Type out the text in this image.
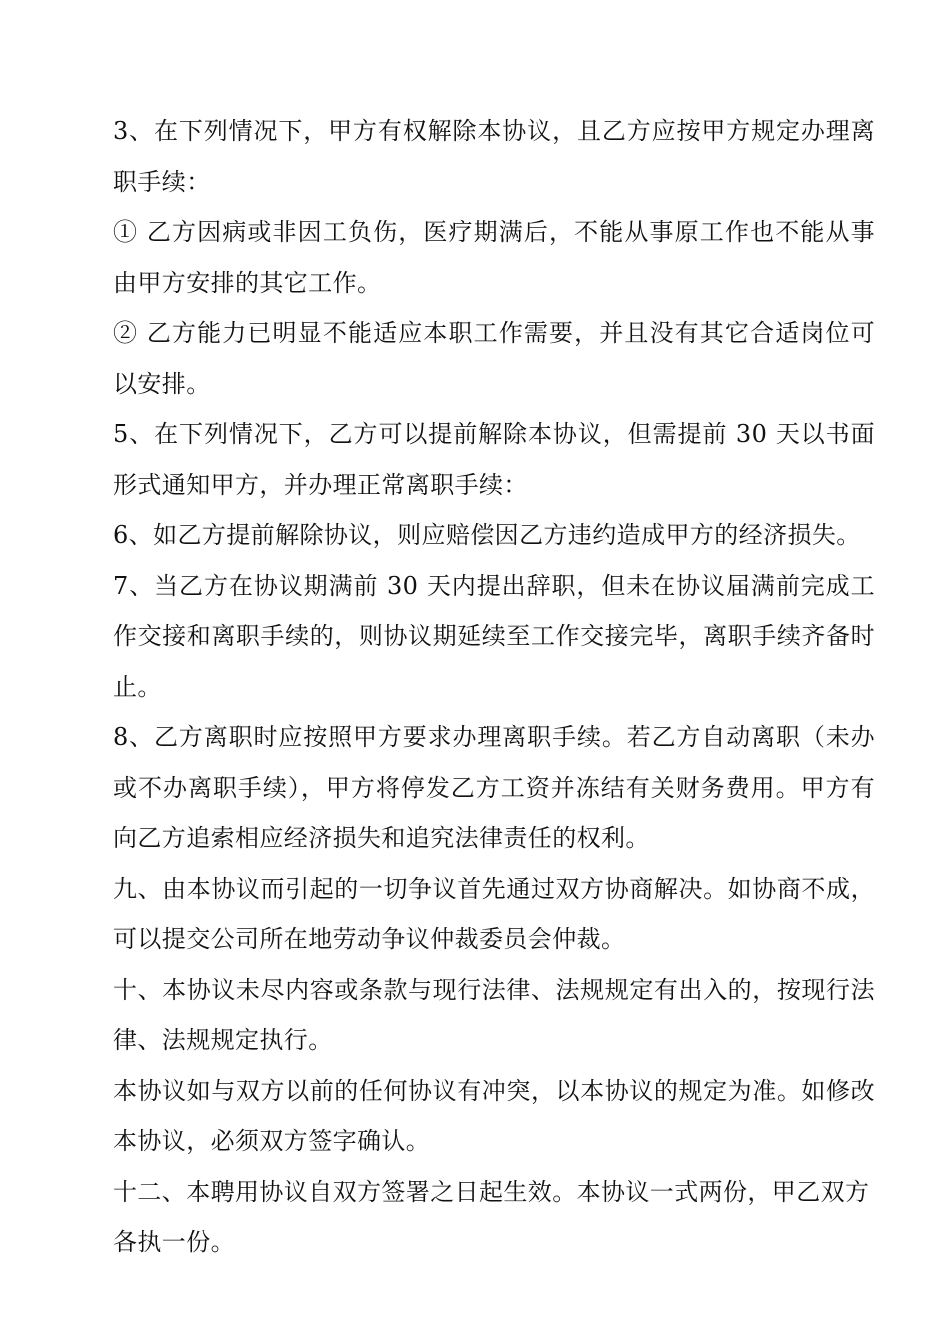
3、在下列情况下，甲方有权解除本协议，且乙方应按甲方规定办理离职手续：

① 乙方因病或非因工负伤，医疗期满后，不能从事原工作也不能从事由甲方安排的其它工作。

② 乙方能力已明显不能适应本职工作需要，并且没有其它合适岗位可以安排。

5、在下列情况下，乙方可以提前解除本协议，但需提前 30 天以书面形式通知甲方，并办理正常离职手续：

6、如乙方提前解除协议，则应赔偿因乙方违约造成甲方的经济损失。

7、当乙方在协议期满前 30 天内提出辞职，但未在协议届满前完成工作交接和离职手续的，则协议期延续至工作交接完毕，离职手续齐备时止。

8、乙方离职时应按照甲方要求办理离职手续。若乙方自动离职（未办或不办离职手续），甲方将停发乙方工资并冻结有关财务费用。甲方有向乙方追索相应经济损失和追究法律责任的权利。

九、由本协议而引起的一切争议首先通过双方协商解决。如协商不成，可以提交公司所在地劳动争议仲裁委员会仲裁。

十、本协议未尽内容或条款与现行法律、法规规定有出入的，按现行法律、法规规定执行。

本协议如与双方以前的任何协议有冲突，以本协议的规定为准。如修改本协议，必须双方签字确认。

十二、本聘用协议自双方签署之日起生效。本协议一式两份，甲乙双方各执一份。
